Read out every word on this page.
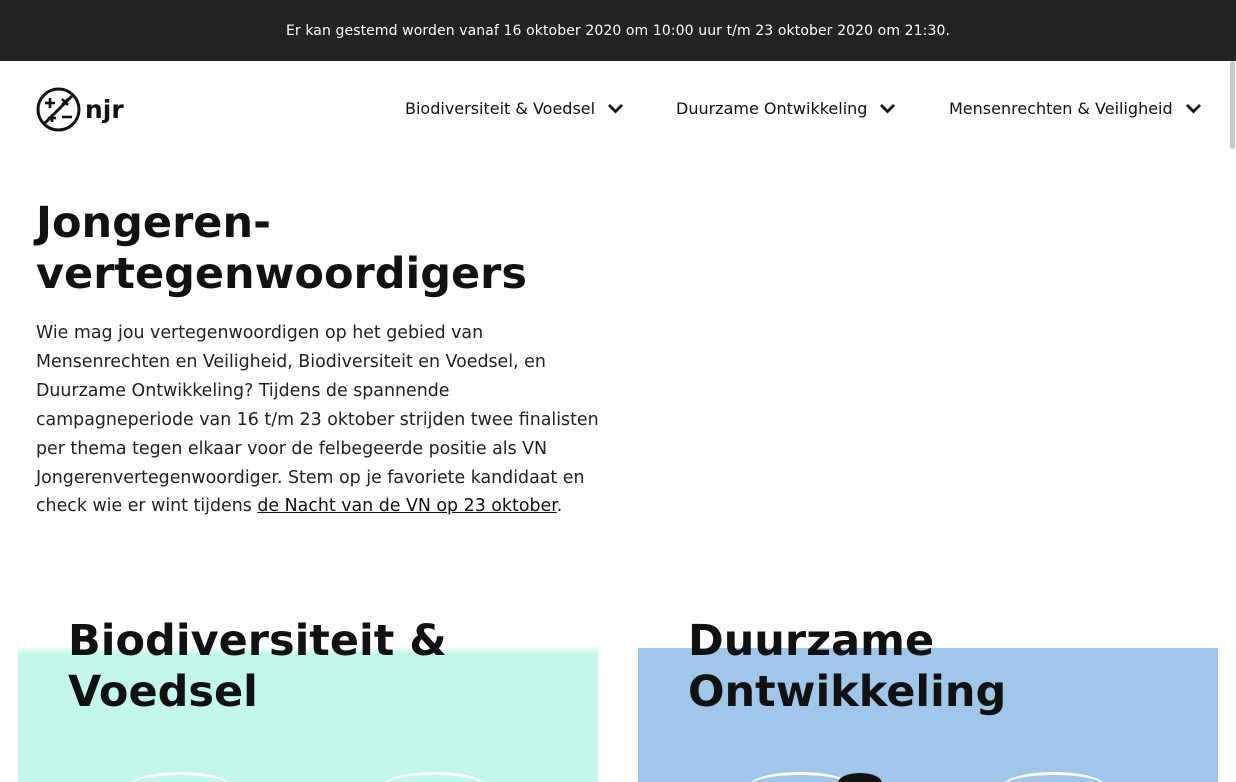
Er kan gestemd worden vanaf 16 oktober 2020 om 10:00 uur t/m 23 oktober 2020 om 21:30.
njr	Biodiversiteit & Voedsel	Duurzame Ontwikkeling	Mensenrechten & Veiligheid
Jongeren-
vertegenwoordigers

Wie mag jou vertegenwoordigen op het gebied van Mensenrechten en Veiligheid, Biodiversiteit en Voedsel, en Duurzame Ontwikkeling? Tijdens de spannende campagneperiode van 16 t/m 23 oktober strijden twee finalisten per thema tegen elkaar voor de felbegeerde positie als VN Jongerenvertegenwoordiger. Stem op je favoriete kandidaat en check wie er wint tijdens de Nacht van de VN op 23 oktober.

Biodiversiteit &
Voedsel
Duurzame
Ontwikkeling
